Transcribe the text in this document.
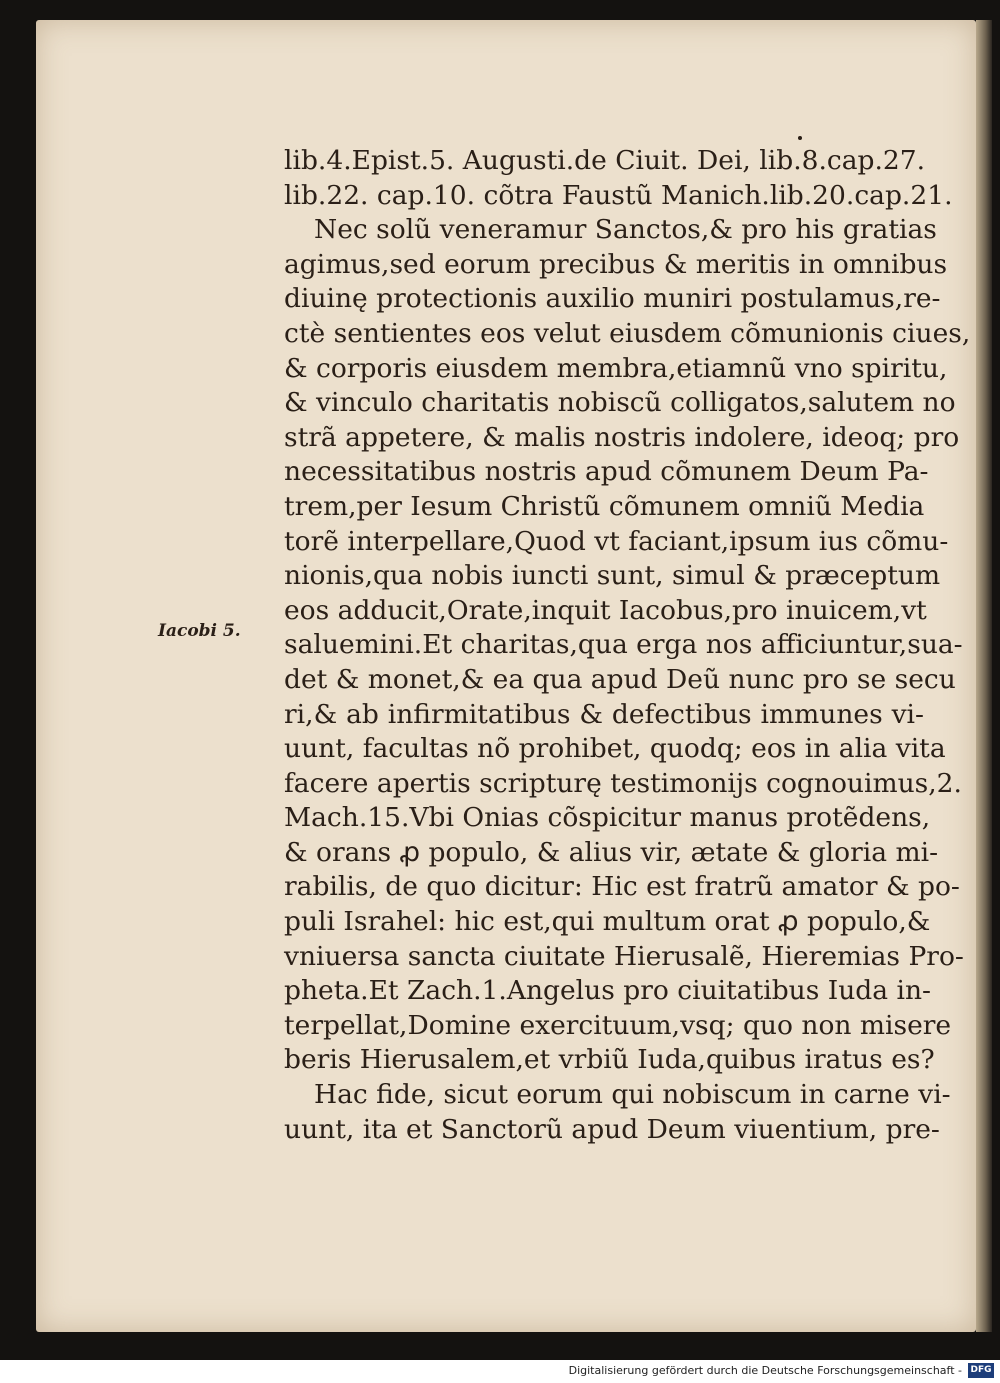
lib.4.Epist.5. Augusti.de Ciuit. Dei, lib.8.cap.27.
lib.22. cap.10. cõtra Faustũ Manich.lib.20.cap.21.
Nec solũ veneramur Sanctos,& pro his gratias
agimus,sed eorum precibus & meritis in omnibus
diuinę protectionis auxilio muniri postulamus,re-
ctè sentientes eos velut eiusdem cõmunionis ciues,
& corporis eiusdem membra,etiamnũ vno spiritu,
& vinculo charitatis nobiscũ colligatos,salutem no
strã appetere, & malis nostris indolere, ideoq; pro
necessitatibus nostris apud cõmunem Deum Pa-
trem,per Iesum Christũ cõmunem omniũ Media
torẽ interpellare,Quod vt faciant,ipsum ius cõmu-
nionis,qua nobis iuncti sunt, simul & præceptum
eos adducit,Orate,inquit Iacobus,pro inuicem,vt
saluemini.Et charitas,qua erga nos afficiuntur,sua-
det & monet,& ea qua apud Deũ nunc pro se secu
ri,& ab infirmitatibus & defectibus immunes vi-
uunt, facultas nõ prohibet, quodq; eos in alia vita
facere apertis scripturę testimonijs cognouimus,2.
Mach.15.Vbi Onias cõspicitur manus protẽdens,
& orans ꝓ populo, & alius vir, ætate & gloria mi-
rabilis, de quo dicitur: Hic est fratrũ amator & po-
puli Israhel: hic est,qui multum orat ꝓ populo,&
vniuersa sancta ciuitate Hierusalẽ, Hieremias Pro-
pheta.Et Zach.1.Angelus pro ciuitatibus Iuda in-
terpellat,Domine exercituum,vsq; quo non misere
beris Hierusalem,et vrbiũ Iuda,quibus iratus es?
Hac fide, sicut eorum qui nobiscum in carne vi-
uunt, ita et Sanctorũ apud Deum viuentium, pre-
Iacobi 5.
Digitalisierung gefördert durch die Deutsche Forschungsgemeinschaft - DFG
